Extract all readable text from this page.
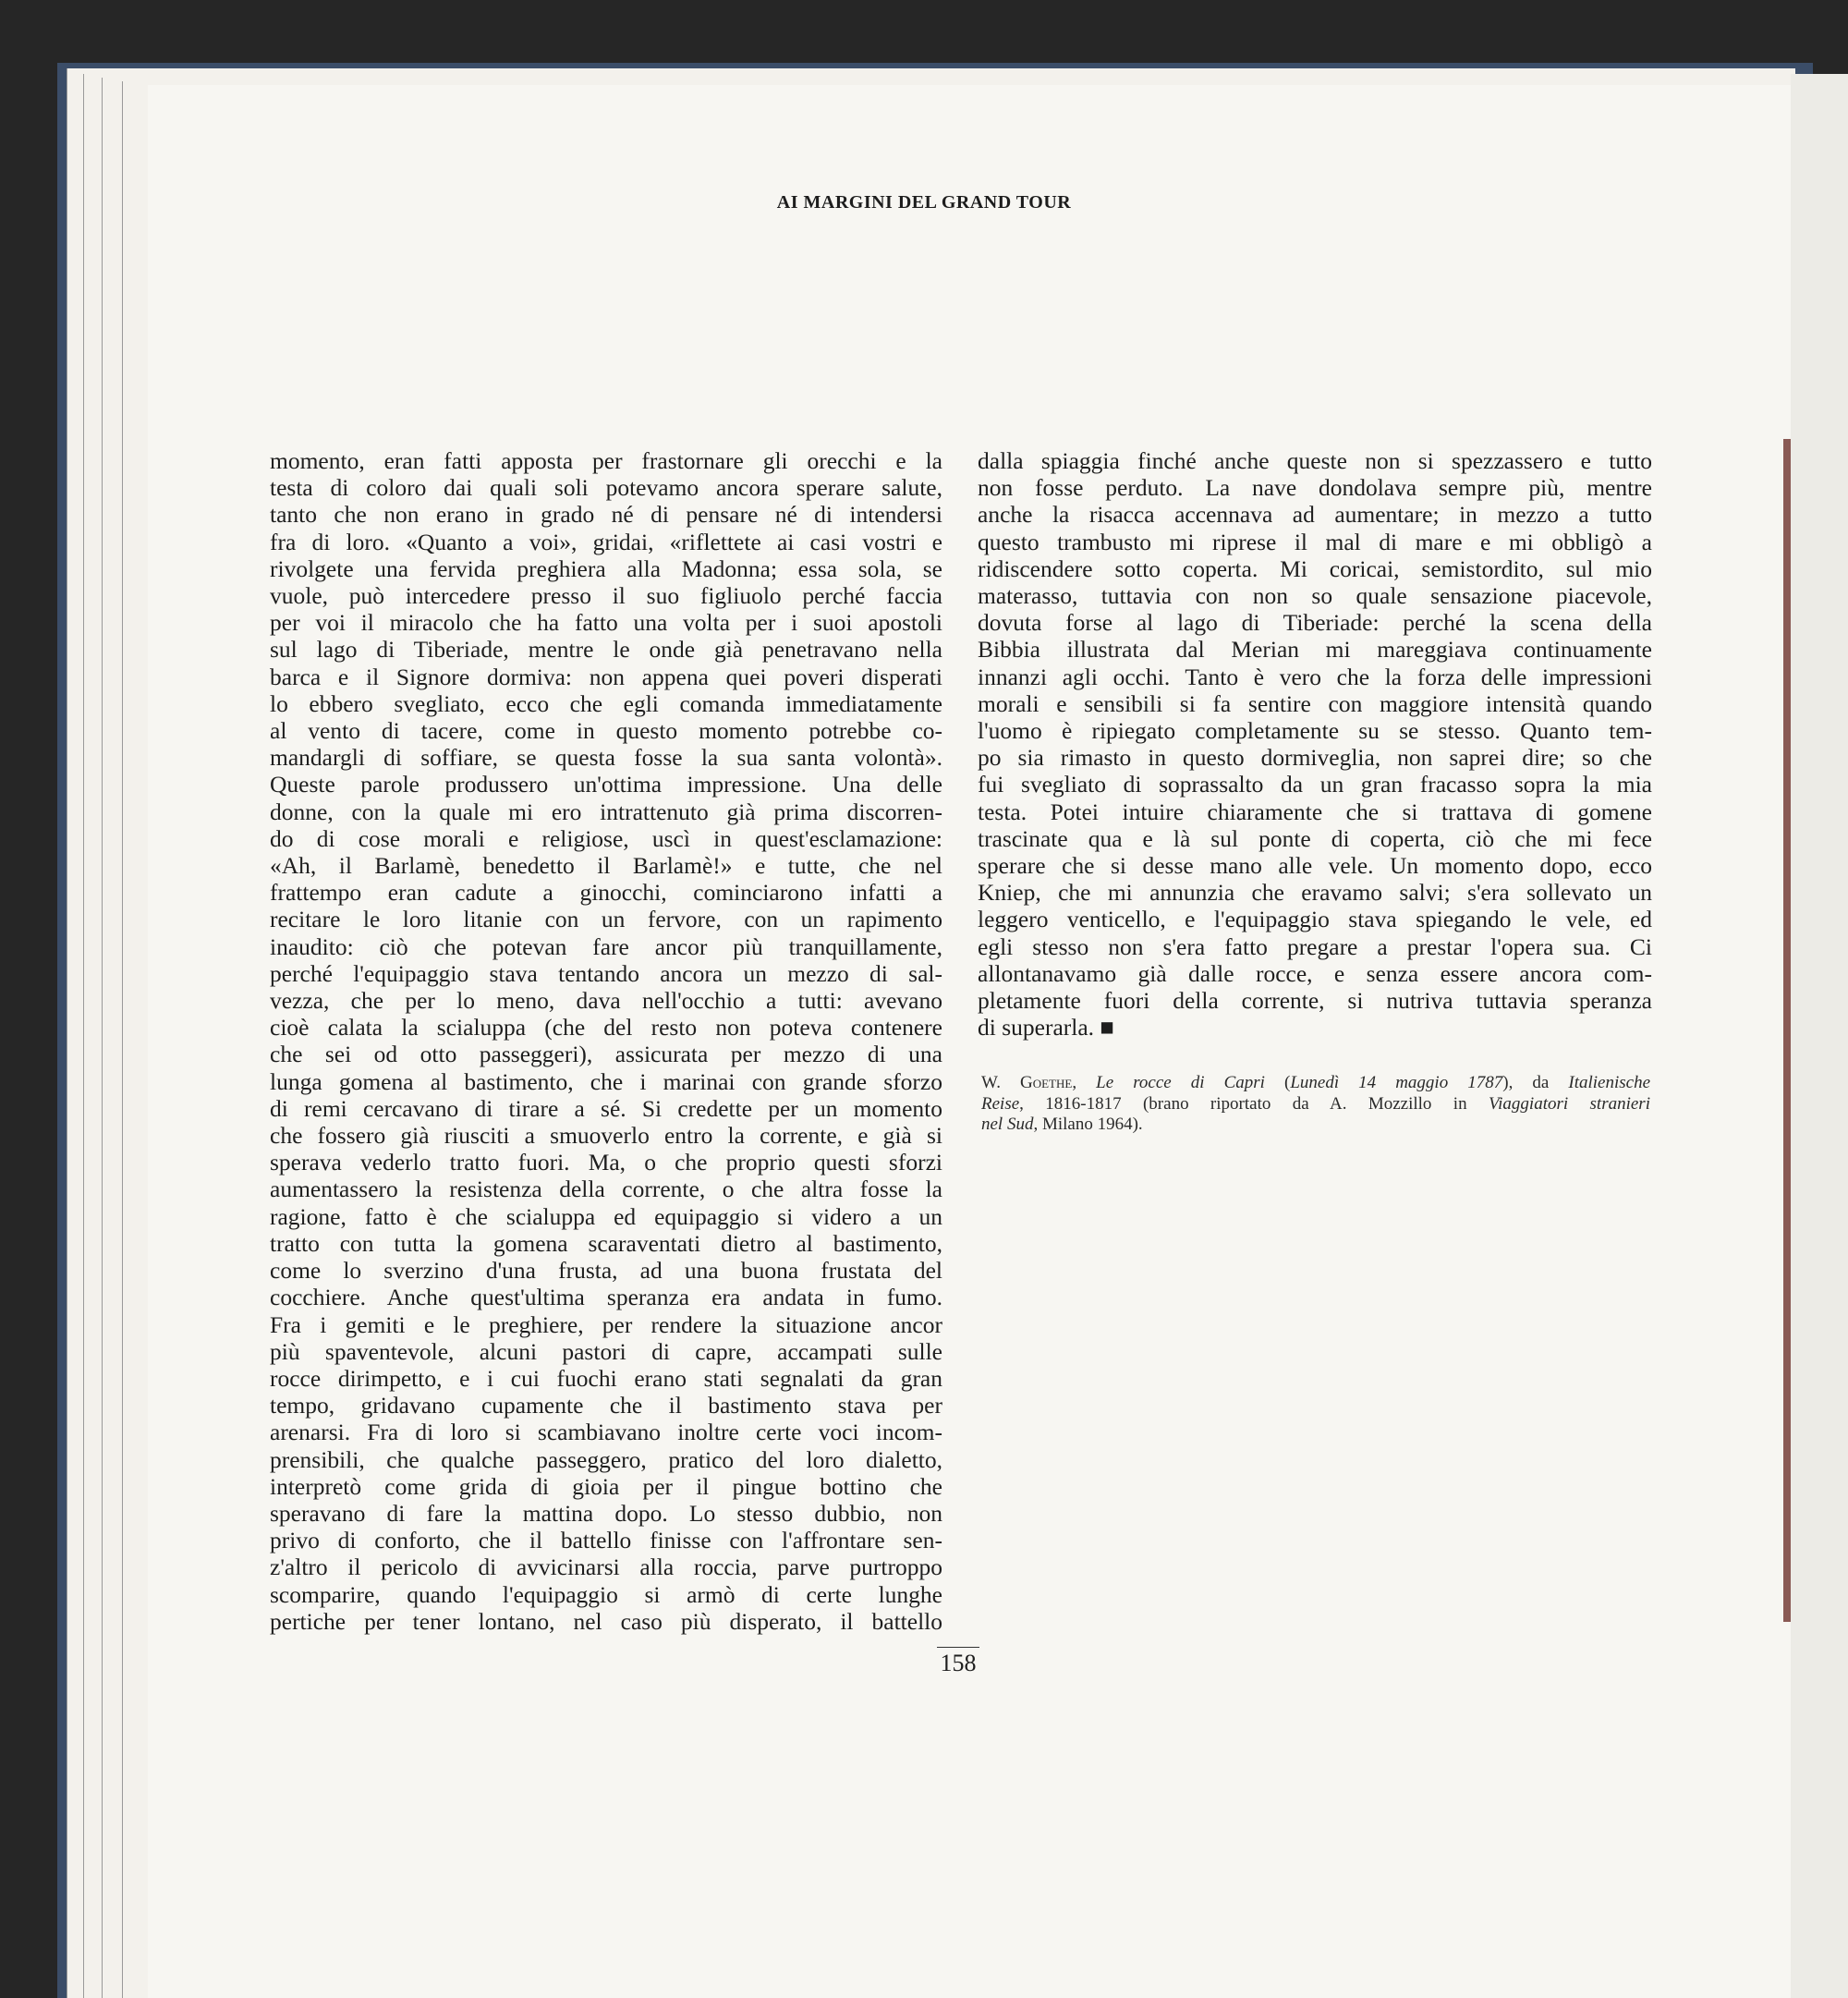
AI MARGINI DEL GRAND TOUR
momento, eran fatti apposta per frastornare gli orecchi e la
testa di coloro dai quali soli potevamo ancora sperare salute,
tanto che non erano in grado né di pensare né di intendersi
fra di loro. «Quanto a voi», gridai, «riflettete ai casi vostri e
rivolgete una fervida preghiera alla Madonna; essa sola, se
vuole, può intercedere presso il suo figliuolo perché faccia
per voi il miracolo che ha fatto una volta per i suoi apostoli
sul lago di Tiberiade, mentre le onde già penetravano nella
barca e il Signore dormiva: non appena quei poveri disperati
lo ebbero svegliato, ecco che egli comanda immediatamente
al vento di tacere, come in questo momento potrebbe co-
mandargli di soffiare, se questa fosse la sua santa volontà».
Queste parole produssero un'ottima impressione. Una delle
donne, con la quale mi ero intrattenuto già prima discorren-
do di cose morali e religiose, uscì in quest'esclamazione:
«Ah, il Barlamè, benedetto il Barlamè!» e tutte, che nel
frattempo eran cadute a ginocchi, cominciarono infatti a
recitare le loro litanie con un fervore, con un rapimento
inaudito: ciò che potevan fare ancor più tranquillamente,
perché l'equipaggio stava tentando ancora un mezzo di sal-
vezza, che per lo meno, dava nell'occhio a tutti: avevano
cioè calata la scialuppa (che del resto non poteva contenere
che sei od otto passeggeri), assicurata per mezzo di una
lunga gomena al bastimento, che i marinai con grande sforzo
di remi cercavano di tirare a sé. Si credette per un momento
che fossero già riusciti a smuoverlo entro la corrente, e già si
sperava vederlo tratto fuori. Ma, o che proprio questi sforzi
aumentassero la resistenza della corrente, o che altra fosse la
ragione, fatto è che scialuppa ed equipaggio si videro a un
tratto con tutta la gomena scaraventati dietro al bastimento,
come lo sverzino d'una frusta, ad una buona frustata del
cocchiere. Anche quest'ultima speranza era andata in fumo.
Fra i gemiti e le preghiere, per rendere la situazione ancor
più spaventevole, alcuni pastori di capre, accampati sulle
rocce dirimpetto, e i cui fuochi erano stati segnalati da gran
tempo, gridavano cupamente che il bastimento stava per
arenarsi. Fra di loro si scambiavano inoltre certe voci incom-
prensibili, che qualche passeggero, pratico del loro dialetto,
interpretò come grida di gioia per il pingue bottino che
speravano di fare la mattina dopo. Lo stesso dubbio, non
privo di conforto, che il battello finisse con l'affrontare sen-
z'altro il pericolo di avvicinarsi alla roccia, parve purtroppo
scomparire, quando l'equipaggio si armò di certe lunghe
pertiche per tener lontano, nel caso più disperato, il battello
dalla spiaggia finché anche queste non si spezzassero e tutto
non fosse perduto. La nave dondolava sempre più, mentre
anche la risacca accennava ad aumentare; in mezzo a tutto
questo trambusto mi riprese il mal di mare e mi obbligò a
ridiscendere sotto coperta. Mi coricai, semistordito, sul mio
materasso, tuttavia con non so quale sensazione piacevole,
dovuta forse al lago di Tiberiade: perché la scena della
Bibbia illustrata dal Merian mi mareggiava continuamente
innanzi agli occhi. Tanto è vero che la forza delle impressioni
morali e sensibili si fa sentire con maggiore intensità quando
l'uomo è ripiegato completamente su se stesso. Quanto tem-
po sia rimasto in questo dormiveglia, non saprei dire; so che
fui svegliato di soprassalto da un gran fracasso sopra la mia
testa. Potei intuire chiaramente che si trattava di gomene
trascinate qua e là sul ponte di coperta, ciò che mi fece
sperare che si desse mano alle vele. Un momento dopo, ecco
Kniep, che mi annunzia che eravamo salvi; s'era sollevato un
leggero venticello, e l'equipaggio stava spiegando le vele, ed
egli stesso non s'era fatto pregare a prestar l'opera sua. Ci
allontanavamo già dalle rocce, e senza essere ancora com-
pletamente fuori della corrente, si nutriva tuttavia speranza
di superarla. ■
W. Goethe, Le rocce di Capri (Lunedì 14 maggio 1787), da Italienische
Reise, 1816-1817 (brano riportato da A. Mozzillo in Viaggiatori stranieri
nel Sud, Milano 1964).
158
